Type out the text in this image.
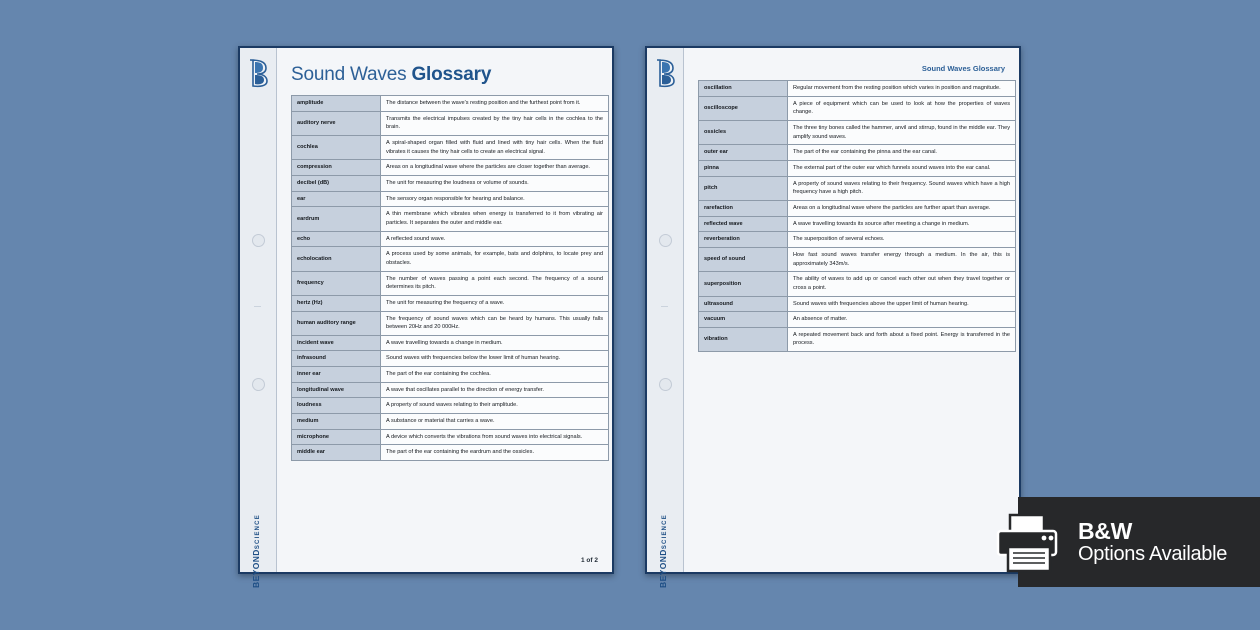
BEYONDSCIENCE
Sound Waves Glossary
amplitude	The distance between the wave's resting position and the furthest point from it.
auditory nerve	Transmits the electrical impulses created by the tiny hair cells in the cochlea to the brain.
cochlea	A spiral-shaped organ filled with fluid and lined with tiny hair cells. When the fluid vibrates it causes the tiny hair cells to create an electrical signal.
compression	Areas on a longitudinal wave where the particles are closer together than average.
decibel (dB)	The unit for measuring the loudness or volume of sounds.
ear	The sensory organ responsible for hearing and balance.
eardrum	A thin membrane which vibrates when energy is transferred to it from vibrating air particles. It separates the outer and middle ear.
echo	A reflected sound wave.
echolocation	A process used by some animals, for example, bats and dolphins, to locate prey and obstacles.
frequency	The number of waves passing a point each second. The frequency of a sound determines its pitch.
hertz (Hz)	The unit for measuring the frequency of a wave.
human auditory range	The frequency of sound waves which can be heard by humans. This usually falls between 20Hz and 20 000Hz.
incident wave	A wave travelling towards a change in medium.
infrasound	Sound waves with frequencies below the lower limit of human hearing.
inner ear	The part of the ear containing the cochlea.
longitudinal wave	A wave that oscillates parallel to the direction of energy transfer.
loudness	A property of sound waves relating to their amplitude.
medium	A substance or material that carries a wave.
microphone	A device which converts the vibrations from sound waves into electrical signals.
middle ear	The part of the ear containing the eardrum and the ossicles.
1 of 2	BEYONDSCIENCE
Sound Waves Glossary
oscillation	Regular movement from the resting position which varies in position and magnitude.
oscilloscope	A piece of equipment which can be used to look at how the properties of waves change.
ossicles	The three tiny bones called the hammer, anvil and stirrup, found in the middle ear. They amplify sound waves.
outer ear	The part of the ear containing the pinna and the ear canal.
pinna	The external part of the outer ear which funnels sound waves into the ear canal.
pitch	A property of sound waves relating to their frequency. Sound waves which have a high frequency have a high pitch.
rarefaction	Areas on a longitudinal wave where the particles are further apart than average.
reflected wave	A wave travelling towards its source after meeting a change in medium.
reverberation	The superposition of several echoes.
speed of sound	How fast sound waves transfer energy through a medium. In the air, this is approximately 343m/s.
superposition	The ability of waves to add up or cancel each other out when they travel together or cross a point.
ultrasound	Sound waves with frequencies above the upper limit of human hearing.
vacuum	An absence of matter.
vibration	A repeated movement back and forth about a fixed point. Energy is transferred in the process.
B&W
Options Available
